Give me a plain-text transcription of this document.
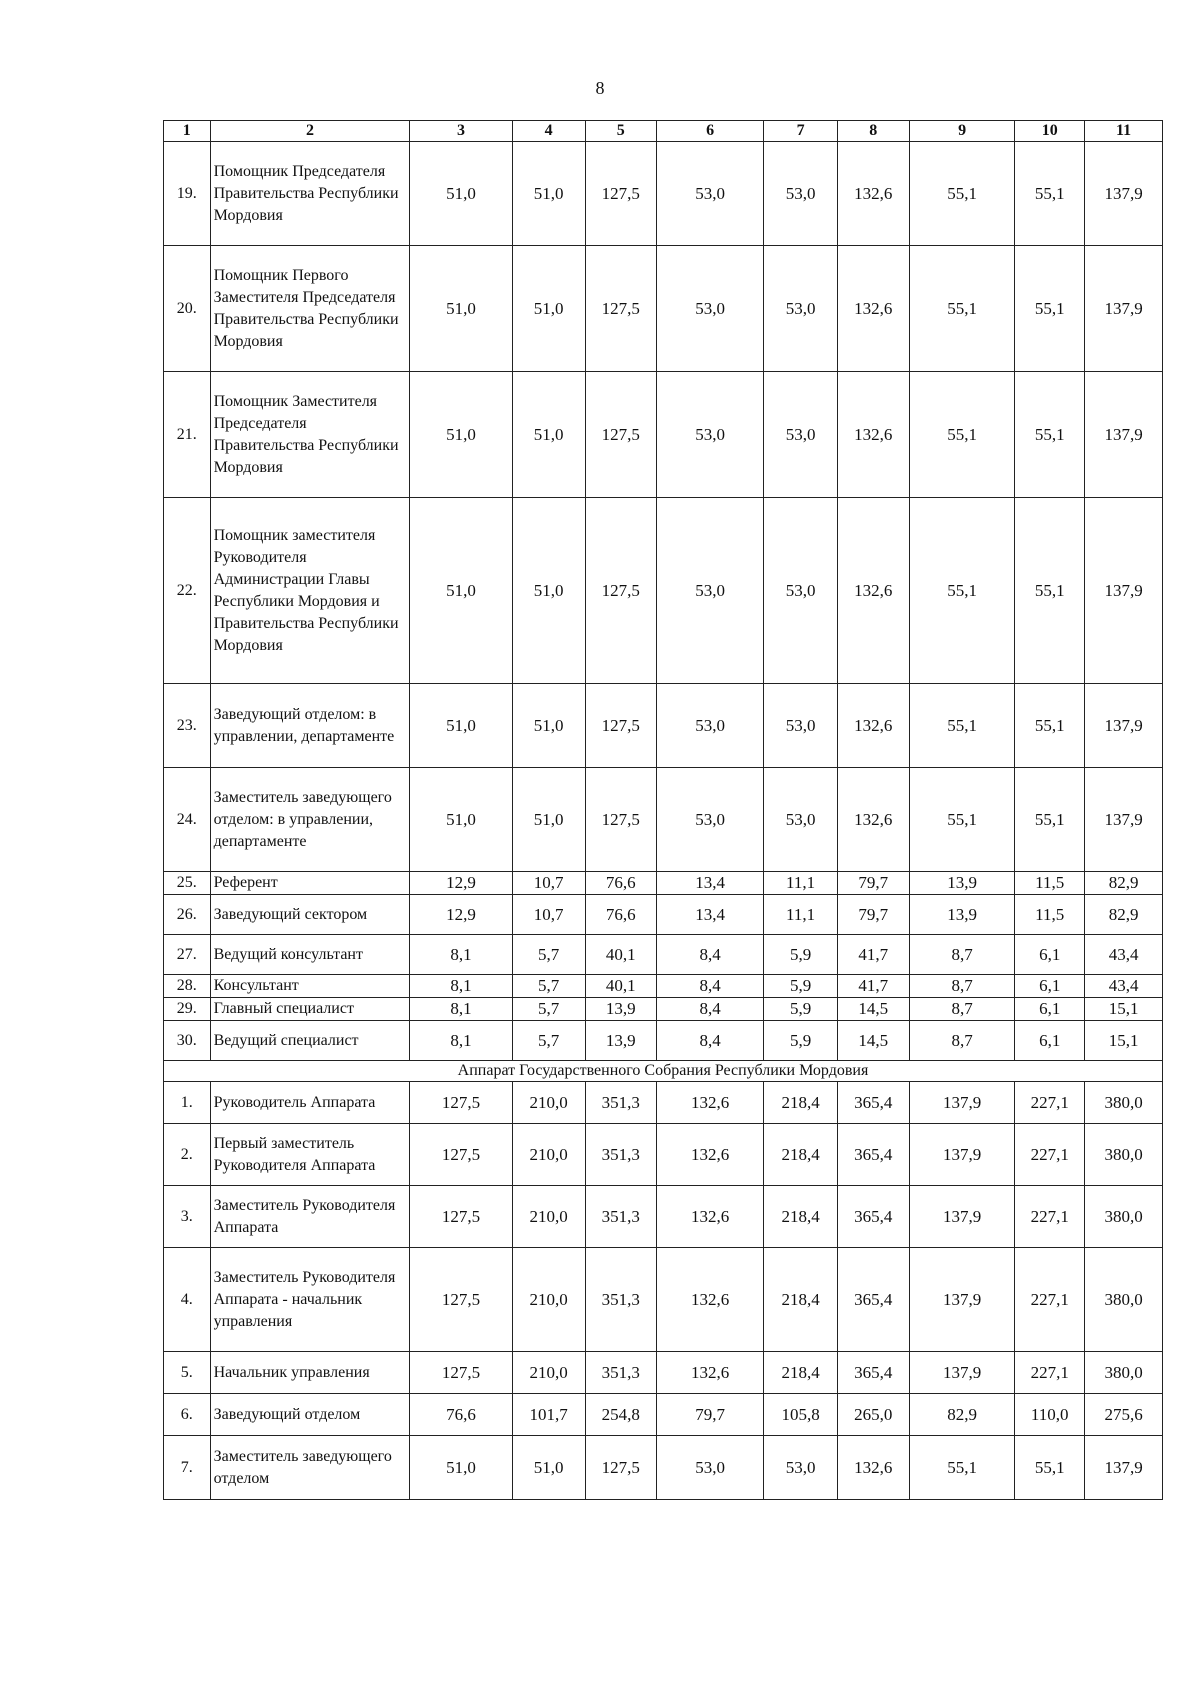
8
1	2	3	4	5	6	7	8	9	10	11
19.	Помощник Председателя Правительства Республики Мордовия	51,0	51,0	127,5	53,0	53,0	132,6	55,1	55,1	137,9
20.	Помощник Первого Заместителя Председателя Правительства Республики Мордовия	51,0	51,0	127,5	53,0	53,0	132,6	55,1	55,1	137,9
21.	Помощник Заместителя Председателя Правительства Республики Мордовия	51,0	51,0	127,5	53,0	53,0	132,6	55,1	55,1	137,9
22.	Помощник заместителя Руководителя Администрации Главы Республики Мордовия и Правительства Республики Мордовия	51,0	51,0	127,5	53,0	53,0	132,6	55,1	55,1	137,9
23.	Заведующий отделом: в управлении, департаменте	51,0	51,0	127,5	53,0	53,0	132,6	55,1	55,1	137,9
24.	Заместитель заведующего отделом: в управлении, департаменте	51,0	51,0	127,5	53,0	53,0	132,6	55,1	55,1	137,9
25.	Референт	12,9	10,7	76,6	13,4	11,1	79,7	13,9	11,5	82,9
26.	Заведующий сектором	12,9	10,7	76,6	13,4	11,1	79,7	13,9	11,5	82,9
27.	Ведущий консультант	8,1	5,7	40,1	8,4	5,9	41,7	8,7	6,1	43,4
28.	Консультант	8,1	5,7	40,1	8,4	5,9	41,7	8,7	6,1	43,4
29.	Главный специалист	8,1	5,7	13,9	8,4	5,9	14,5	8,7	6,1	15,1
30.	Ведущий специалист	8,1	5,7	13,9	8,4	5,9	14,5	8,7	6,1	15,1
Аппарат Государственного Собрания Республики Мордовия										
1.	Руководитель Аппарата	127,5	210,0	351,3	132,6	218,4	365,4	137,9	227,1	380,0
2.	Первый заместитель Руководителя Аппарата	127,5	210,0	351,3	132,6	218,4	365,4	137,9	227,1	380,0
3.	Заместитель Руководителя Аппарата	127,5	210,0	351,3	132,6	218,4	365,4	137,9	227,1	380,0
4.	Заместитель Руководителя Аппарата - начальник управления	127,5	210,0	351,3	132,6	218,4	365,4	137,9	227,1	380,0
5.	Начальник управления	127,5	210,0	351,3	132,6	218,4	365,4	137,9	227,1	380,0
6.	Заведующий отделом	76,6	101,7	254,8	79,7	105,8	265,0	82,9	110,0	275,6
7.	Заместитель заведующего отделом	51,0	51,0	127,5	53,0	53,0	132,6	55,1	55,1	137,9
